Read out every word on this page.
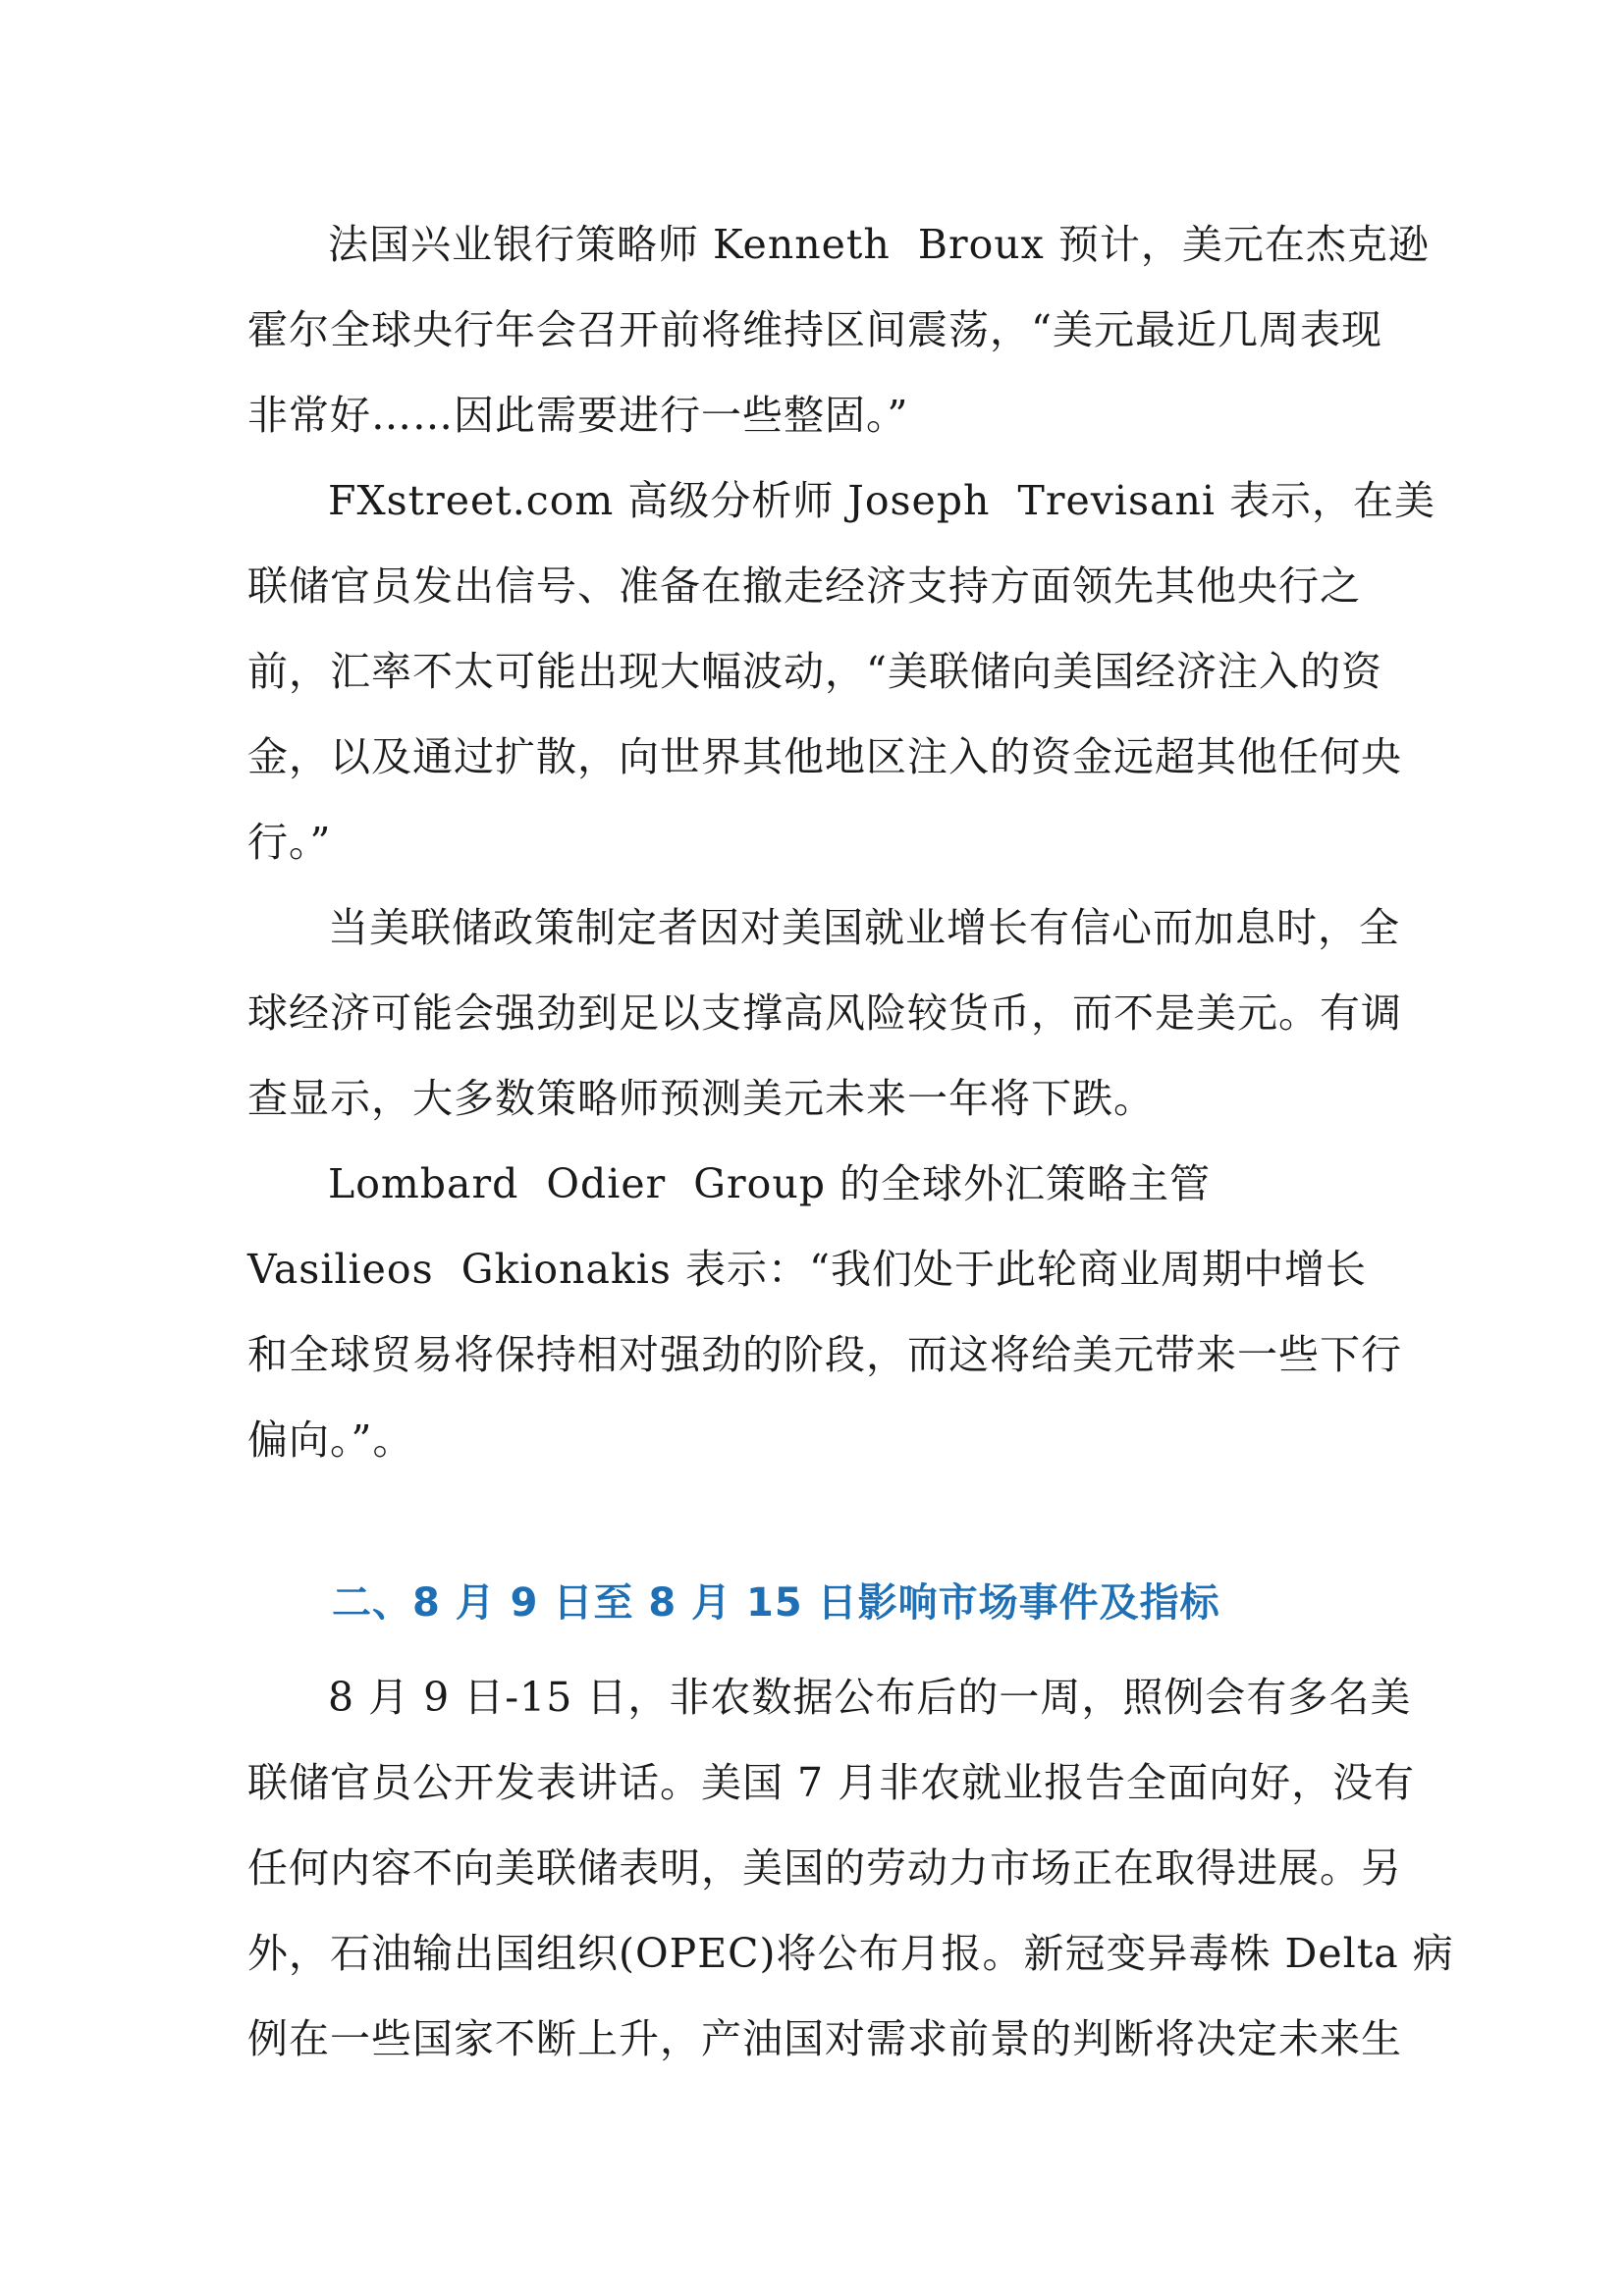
法国兴业银行策略师 Kenneth  Broux 预计，美元在杰克逊
霍尔全球央行年会召开前将维持区间震荡，“美元最近几周表现
非常好……因此需要进行一些整固。”
FXstreet.com 高级分析师 Joseph  Trevisani 表示，在美
联储官员发出信号、准备在撤走经济支持方面领先其他央行之
前，汇率不太可能出现大幅波动，“美联储向美国经济注入的资
金，以及通过扩散，向世界其他地区注入的资金远超其他任何央
行。”
当美联储政策制定者因对美国就业增长有信心而加息时，全
球经济可能会强劲到足以支撑高风险较货币，而不是美元。有调
查显示，大多数策略师预测美元未来一年将下跌。
Lombard  Odier  Group 的全球外汇策略主管
Vasilieos  Gkionakis 表示：“我们处于此轮商业周期中增长
和全球贸易将保持相对强劲的阶段，而这将给美元带来一些下行
偏向。”。
二、8 月 9 日至 8 月 15 日影响市场事件及指标
8 月 9 日-15 日，非农数据公布后的一周，照例会有多名美
联储官员公开发表讲话。美国 7 月非农就业报告全面向好，没有
任何内容不向美联储表明，美国的劳动力市场正在取得进展。另
外，石油输出国组织(OPEC)将公布月报。新冠变异毒株 Delta 病
例在一些国家不断上升，产油国对需求前景的判断将决定未来生
